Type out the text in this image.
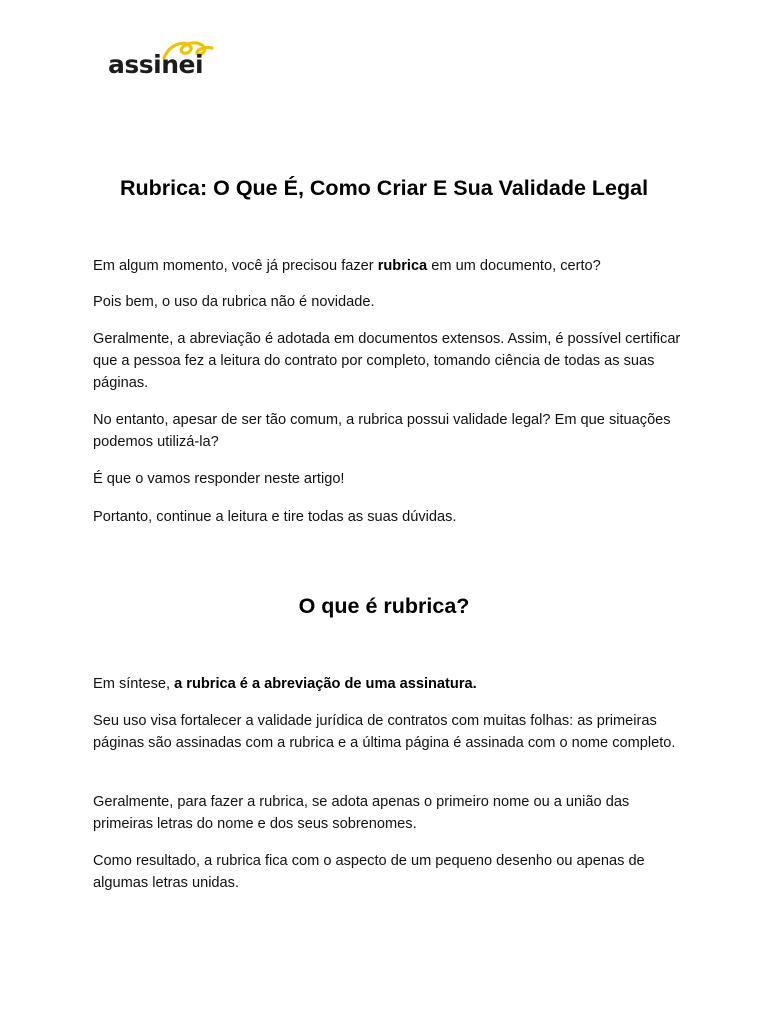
assinei
Rubrica: O Que É, Como Criar E Sua Validade Legal

Em algum momento, você já precisou fazer rubrica em um documento, certo?

Pois bem, o uso da rubrica não é novidade.

Geralmente, a abreviação é adotada em documentos extensos. Assim, é possível certificar que a pessoa fez a leitura do contrato por completo, tomando ciência de todas as suas páginas.

No entanto, apesar de ser tão comum, a rubrica possui validade legal? Em que situações podemos utilizá-la?

É que o vamos responder neste artigo!

Portanto, continue a leitura e tire todas as suas dúvidas.

O que é rubrica?

Em síntese, a rubrica é a abreviação de uma assinatura.

Seu uso visa fortalecer a validade jurídica de contratos com muitas folhas: as primeiras páginas são assinadas com a rubrica e a última página é assinada com o nome completo.

Geralmente, para fazer a rubrica, se adota apenas o primeiro nome ou a união das primeiras letras do nome e dos seus sobrenomes.

Como resultado, a rubrica fica com o aspecto de um pequeno desenho ou apenas de algumas letras unidas.
